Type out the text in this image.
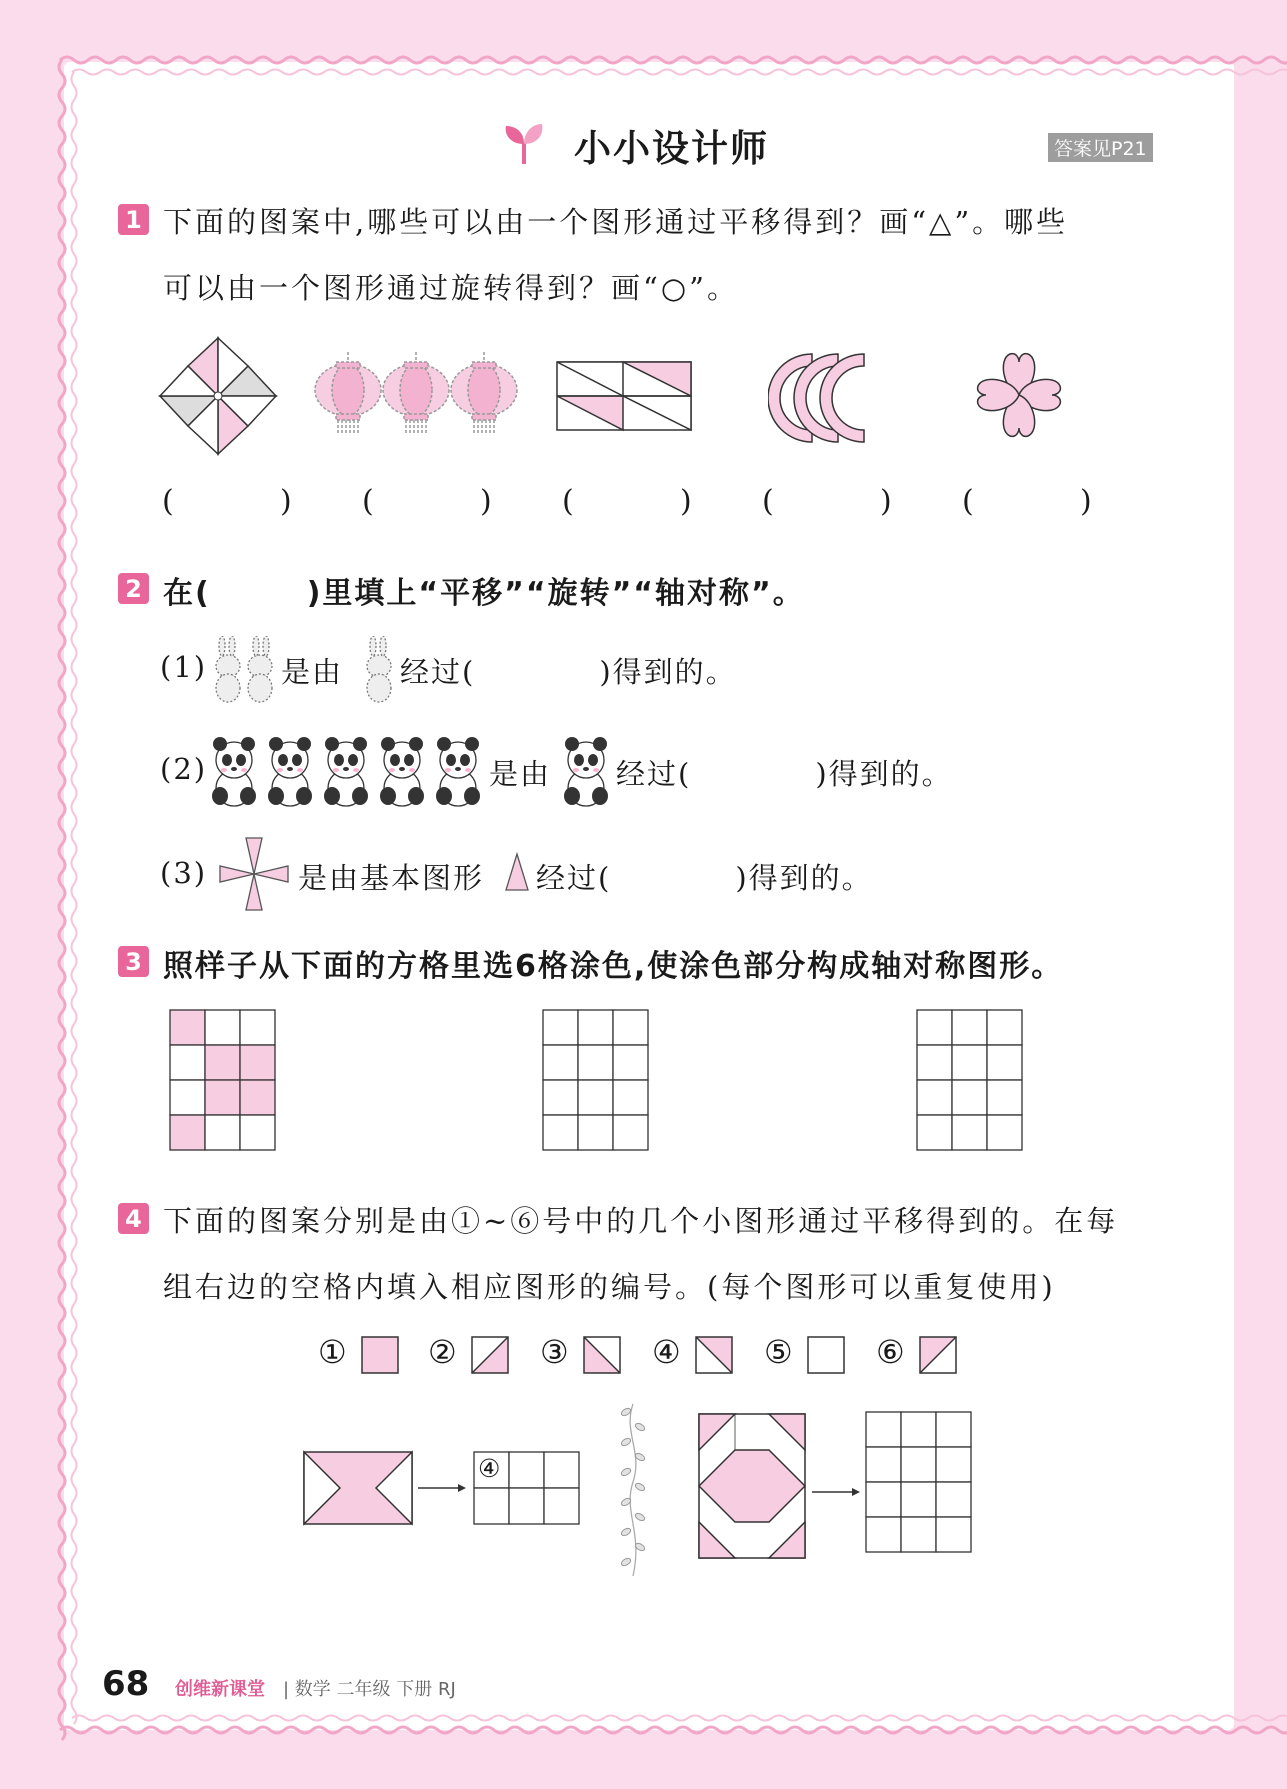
小小设计师	答案见P21
1 下面的图案中,哪些可以由一个图形通过平移得到？画“△”。哪些
可以由一个图形通过旋转得到？画“○”。
(	) (	) (	) (	) (	)
2 在(　　　)里填上“平移”“旋转”“轴对称”。
(1)	是由 经过(　　　　)得到的。
(2)	是由 经过(　　　　)得到的。
(3)	是由基本图形 经过(　　　　)得到的。
3 照样子从下面的方格里选6格涂色,使涂色部分构成轴对称图形。
4 下面的图案分别是由①~⑥号中的几个小图形通过平移得到的。在每
组右边的空格内填入相应图形的编号。(每个图形可以重复使用)
①	②	③	④	⑤	⑥
④
68 创维新课堂 | 数学 二年级 下册 RJ
